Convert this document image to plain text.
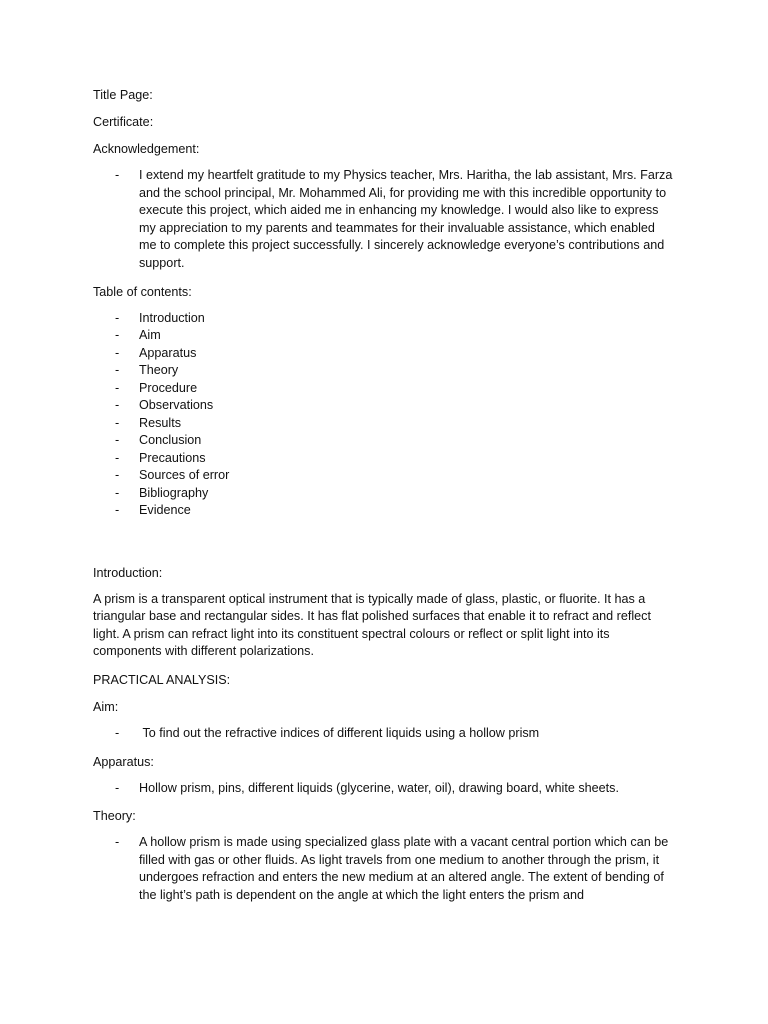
Title Page:
Certificate:
Acknowledgement:
- I extend my heartfelt gratitude to my Physics teacher, Mrs. Haritha, the lab assistant, Mrs. Farza and the school principal, Mr. Mohammed Ali, for providing me with this incredible opportunity to execute this project, which aided me in enhancing my knowledge. I would also like to express my appreciation to my parents and teammates for their invaluable assistance, which enabled me to complete this project successfully. I sincerely acknowledge everyone’s contributions and support.
Table of contents:
- Introduction
- Aim
- Apparatus
- Theory
- Procedure
- Observations
- Results
- Conclusion
- Precautions
- Sources of error
- Bibliography
- Evidence
Introduction:
A prism is a transparent optical instrument that is typically made of glass, plastic, or fluorite. It has a triangular base and rectangular sides. It has flat polished surfaces that enable it to refract and reflect light. A prism can refract light into its constituent spectral colours or reflect or split light into its components with different polarizations.
PRACTICAL ANALYSIS:
Aim:
- To find out the refractive indices of different liquids using a hollow prism
Apparatus:
- Hollow prism, pins, different liquids (glycerine, water, oil), drawing board, white sheets.
Theory:
- A hollow prism is made using specialized glass plate with a vacant central portion which can be filled with gas or other fluids. As light travels from one medium to another through the prism, it undergoes refraction and enters the new medium at an altered angle. The extent of bending of the light’s path is dependent on the angle at which the light enters the prism and
